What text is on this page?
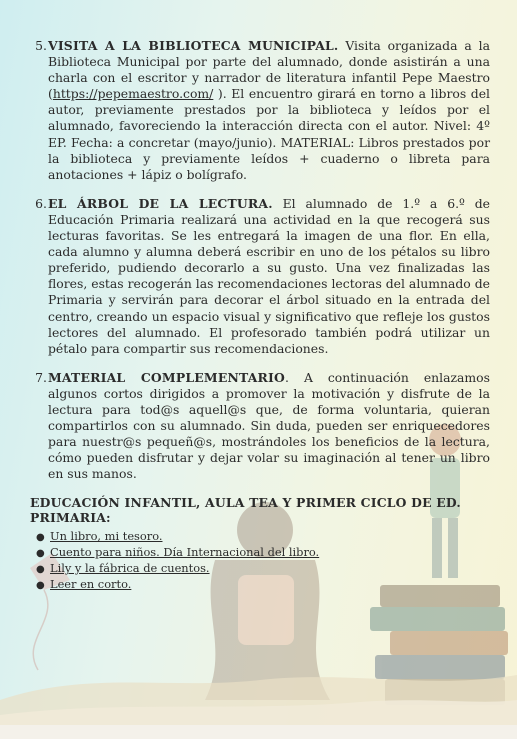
5. VISITA A LA BIBLIOTECA MUNICIPAL. Visita organizada a la Biblioteca Municipal por parte del alumnado, donde asistirán a una charla con el escritor y narrador de literatura infantil Pepe Maestro (https://pepemaestro.com/ ). El encuentro girará en torno a libros del autor, previamente prestados por la biblioteca y leídos por el alumnado, favoreciendo la interacción directa con el autor. Nivel: 4º EP. Fecha: a concretar (mayo/junio). MATERIAL: Libros prestados por la biblioteca y previamente leídos + cuaderno o libreta para anotaciones + lápiz o bolígrafo.
6. EL ÁRBOL DE LA LECTURA. El alumnado de 1.º a 6.º de Educación Primaria realizará una actividad en la que recogerá sus lecturas favoritas. Se les entregará la imagen de una flor. En ella, cada alumno y alumna deberá escribir en uno de los pétalos su libro preferido, pudiendo decorarlo a su gusto. Una vez finalizadas las flores, estas recogerán las recomendaciones lectoras del alumnado de Primaria y servirán para decorar el árbol situado en la entrada del centro, creando un espacio visual y significativo que refleje los gustos lectores del alumnado. El profesorado también podrá utilizar un pétalo para compartir sus recomendaciones.
7. MATERIAL COMPLEMENTARIO. A continuación enlazamos algunos cortos dirigidos a promover la motivación y disfrute de la lectura para tod@s aquell@s que, de forma voluntaria, quieran compartirlos con su alumnado. Sin duda, pueden ser enriquecedores para nuestr@s pequeñ@s, mostrándoles los beneficios de la lectura, cómo pueden disfrutar y dejar volar su imaginación al tener un libro en sus manos.
EDUCACIÓN INFANTIL, AULA TEA Y PRIMER CICLO DE ED. PRIMARIA:
● Un libro, mi tesoro.
● Cuento para niños. Día Internacional del libro.
● Lily y la fábrica de cuentos.
● Leer en corto.
